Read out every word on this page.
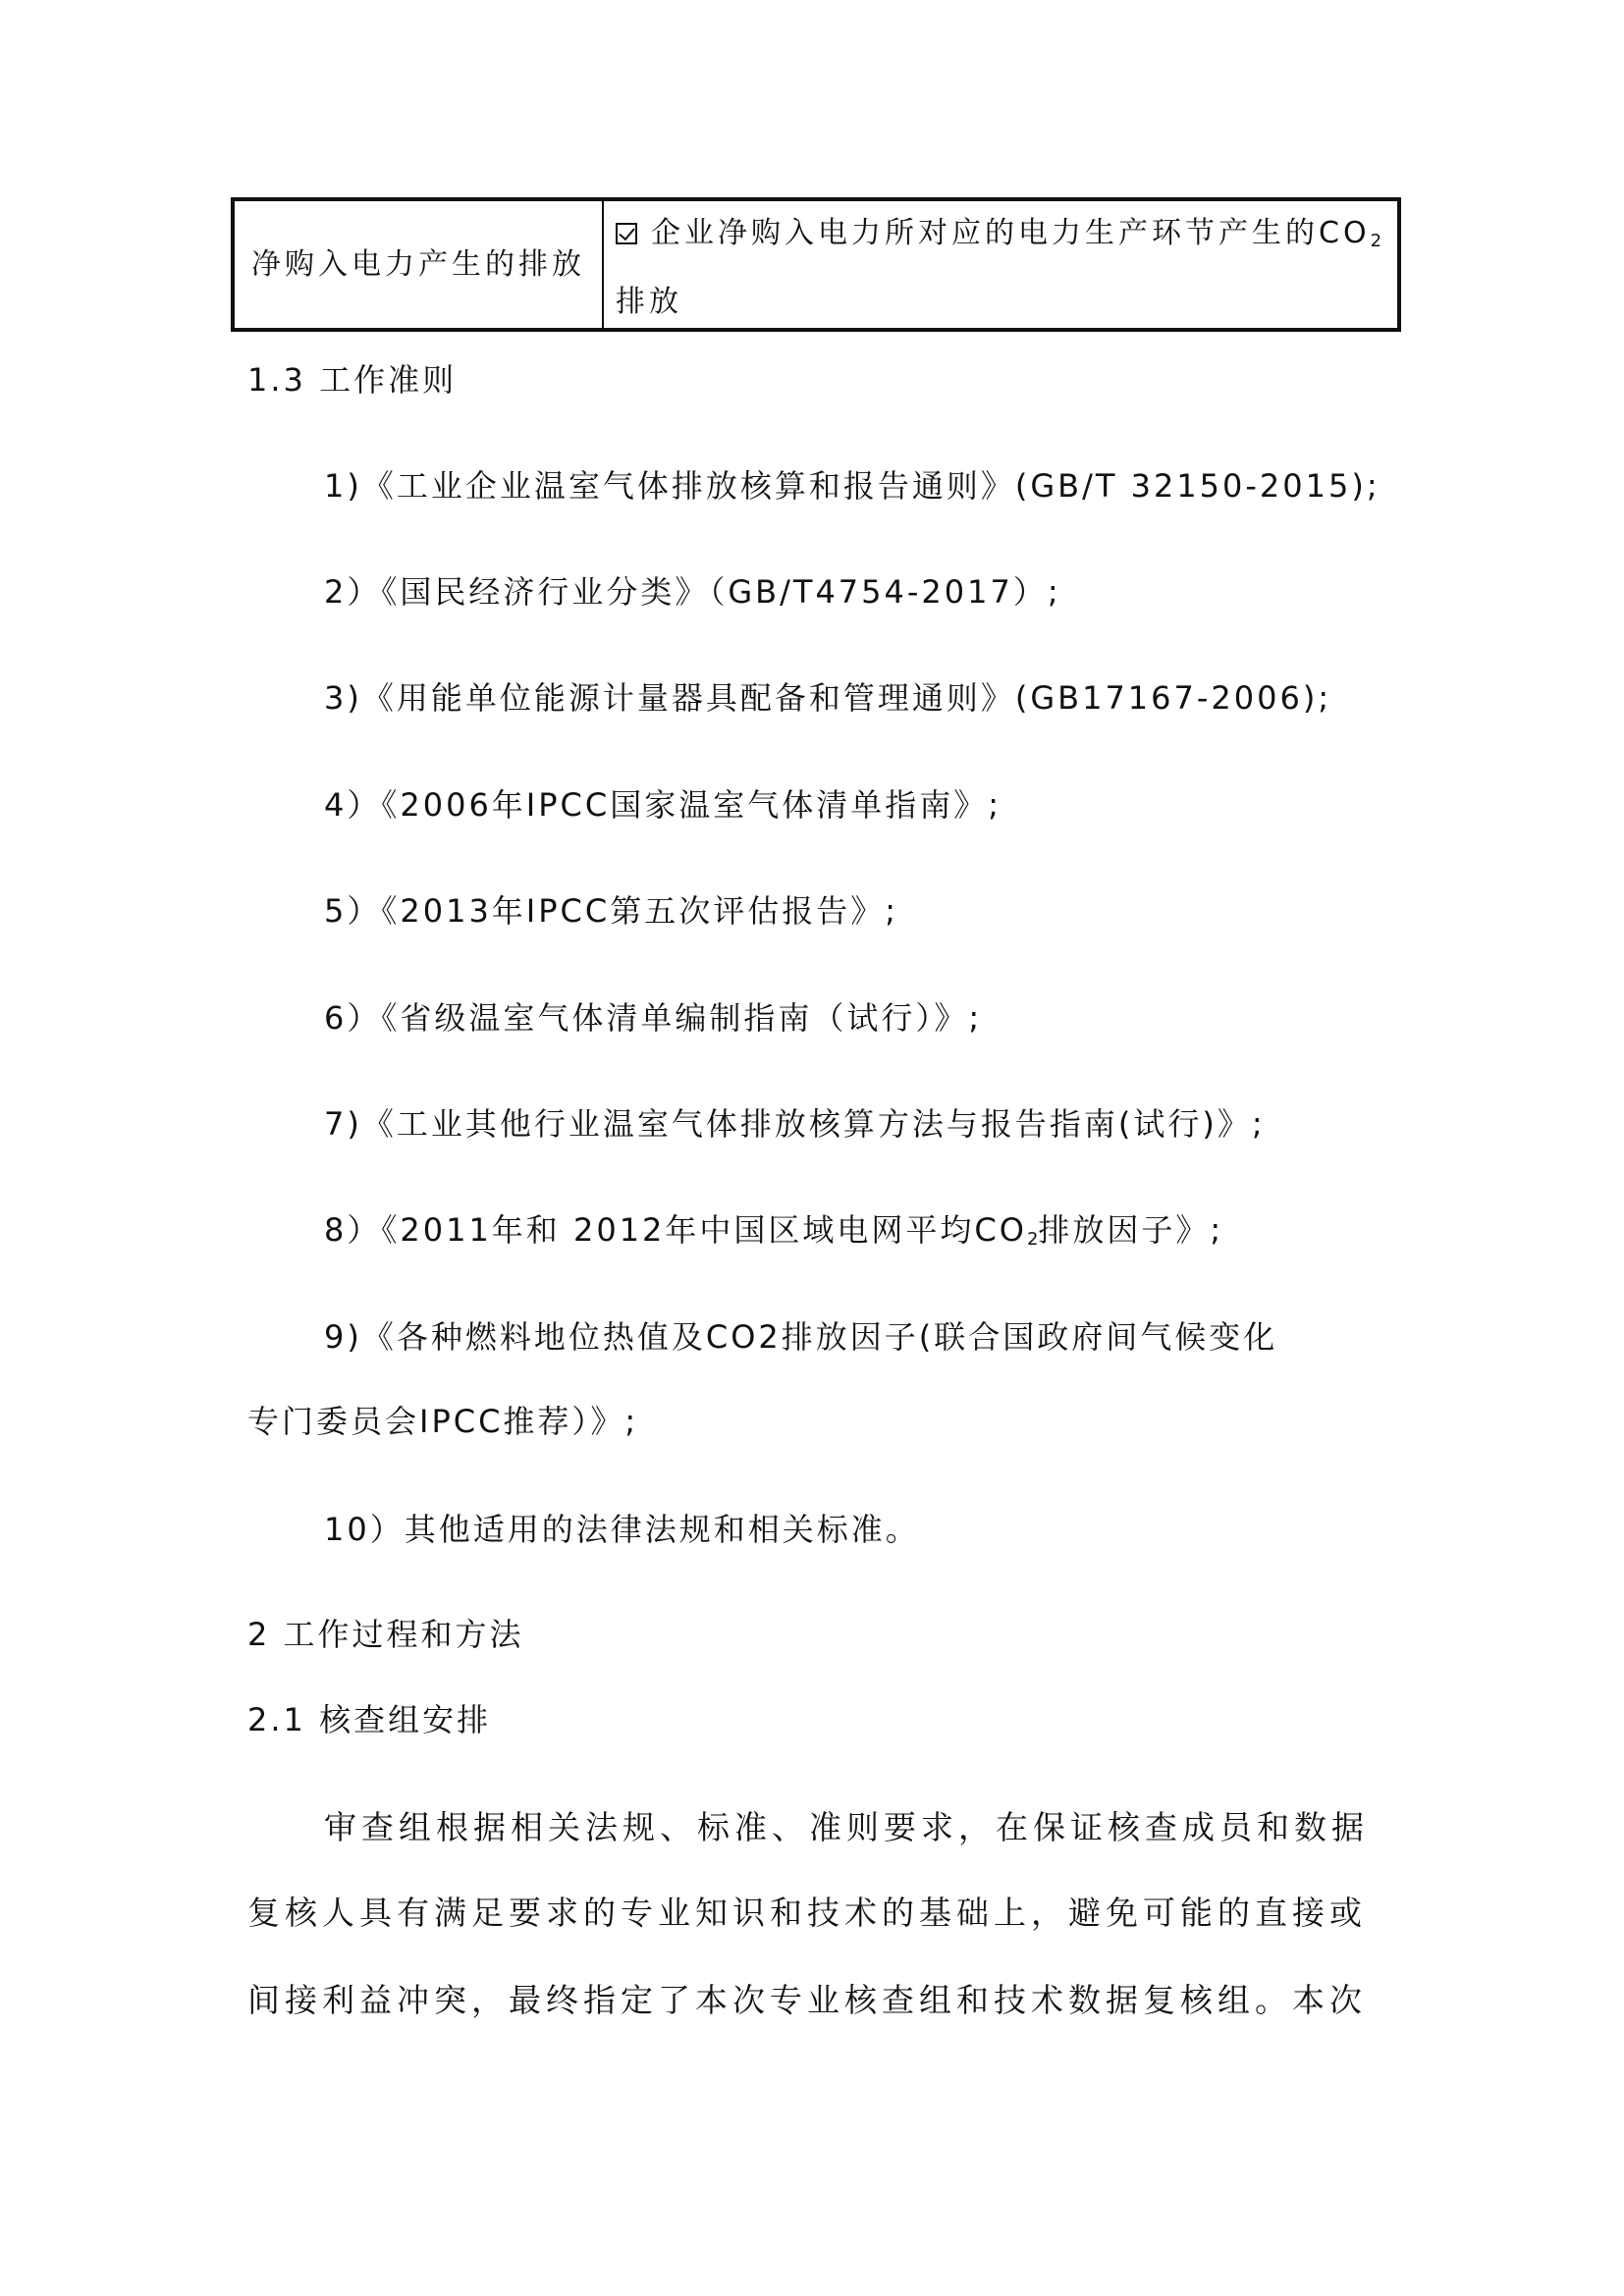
净购入电力产生的排放
企业净购入电力所对应的电力生产环节产生的$CO_2$排放
1.3 工作准则
1)《工业企业温室气体排放核算和报告通则》(GB/T 32150-2015);
2）《国民经济行业分类》（GB/T4754-2017）;
3)《用能单位能源计量器具配备和管理通则》(GB17167-2006);
4）《2006年IPCC国家温室气体清单指南》;
5）《2013年IPCC第五次评估报告》;
6）《省级温室气体清单编制指南（试行）》;
7)《工业其他行业温室气体排放核算方法与报告指南(试行)》;
8）《2011年和 2012年中国区域电网平均$CO_2$排放因子》;
9)《各种燃料地位热值及CO2排放因子(联合国政府间气候变化
专门委员会IPCC推荐）》;
10）其他适用的法律法规和相关标准。
2 工作过程和方法
2.1 核查组安排
审查组根据相关法规、标准、准则要求，在保证核查成员和数据
复核人具有满足要求的专业知识和技术的基础上，避免可能的直接或
间接利益冲突，最终指定了本次专业核查组和技术数据复核组。本次
